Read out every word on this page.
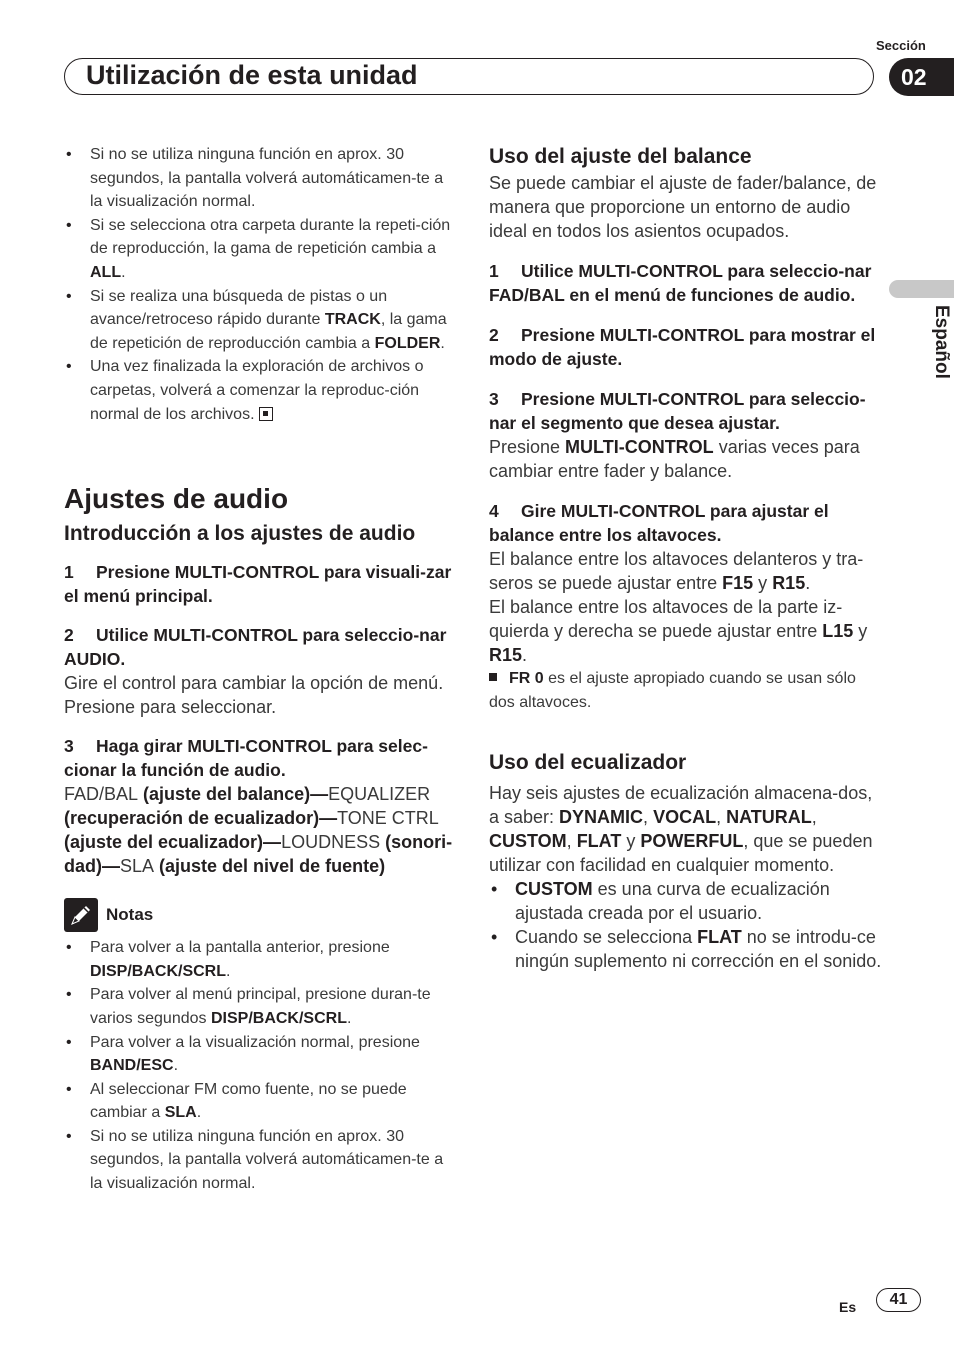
Sección
Utilización de esta unidad	02
Español
• Si no se utiliza ninguna función en aprox. 30 segundos, la pantalla volverá automáticamen-te a la visualización normal.
• Si se selecciona otra carpeta durante la repeti-ción de reproducción, la gama de repetición cambia a ALL.
• Si se realiza una búsqueda de pistas o un avance/retroceso rápido durante TRACK, la gama de repetición de reproducción cambia a FOLDER.
• Una vez finalizada la exploración de archivos o carpetas, volverá a comenzar la reproduc-ción normal de los archivos.
Ajustes de audio
Introducción a los ajustes de audio

1 Presione MULTI-CONTROL para visuali-zar el menú principal.

2 Utilice MULTI-CONTROL para seleccio-nar AUDIO.

Gire el control para cambiar la opción de menú. Presione para seleccionar.

3 Haga girar MULTI-CONTROL para selec-cionar la función de audio.

FAD/BAL (ajuste del balance)—EQUALIZER (recuperación de ecualizador)—TONE CTRL (ajuste del ecualizador)—LOUDNESS (sonori-dad)—SLA (ajuste del nivel de fuente)

Notas
• Para volver a la pantalla anterior, presione DISP/BACK/SCRL.
• Para volver al menú principal, presione duran-te varios segundos DISP/BACK/SCRL.
• Para volver a la visualización normal, presione BAND/ESC.
• Al seleccionar FM como fuente, no se puede cambiar a SLA.
• Si no se utiliza ninguna función en aprox. 30 segundos, la pantalla volverá automáticamen-te a la visualización normal.
Uso del ajuste del balance

Se puede cambiar el ajuste de fader/balance, de manera que proporcione un entorno de audio ideal en todos los asientos ocupados.

1 Utilice MULTI-CONTROL para seleccio-nar FAD/BAL en el menú de funciones de audio.

2 Presione MULTI-CONTROL para mostrar el modo de ajuste.

3 Presione MULTI-CONTROL para seleccio-nar el segmento que desea ajustar.

Presione MULTI-CONTROL varias veces para cambiar entre fader y balance.

4 Gire MULTI-CONTROL para ajustar el balance entre los altavoces.

El balance entre los altavoces delanteros y tra-seros se puede ajustar entre F15 y R15.

El balance entre los altavoces de la parte iz-quierda y derecha se puede ajustar entre L15 y R15.

FR 0 es el ajuste apropiado cuando se usan sólo dos altavoces.

Uso del ecualizador

Hay seis ajustes de ecualización almacena-dos, a saber: DYNAMIC, VOCAL, NATURAL, CUSTOM, FLAT y POWERFUL, que se pueden utilizar con facilidad en cualquier momento.

• CUSTOM es una curva de ecualización ajustada creada por el usuario.
• Cuando se selecciona FLAT no se introdu-ce ningún suplemento ni corrección en el sonido.
Es	41
